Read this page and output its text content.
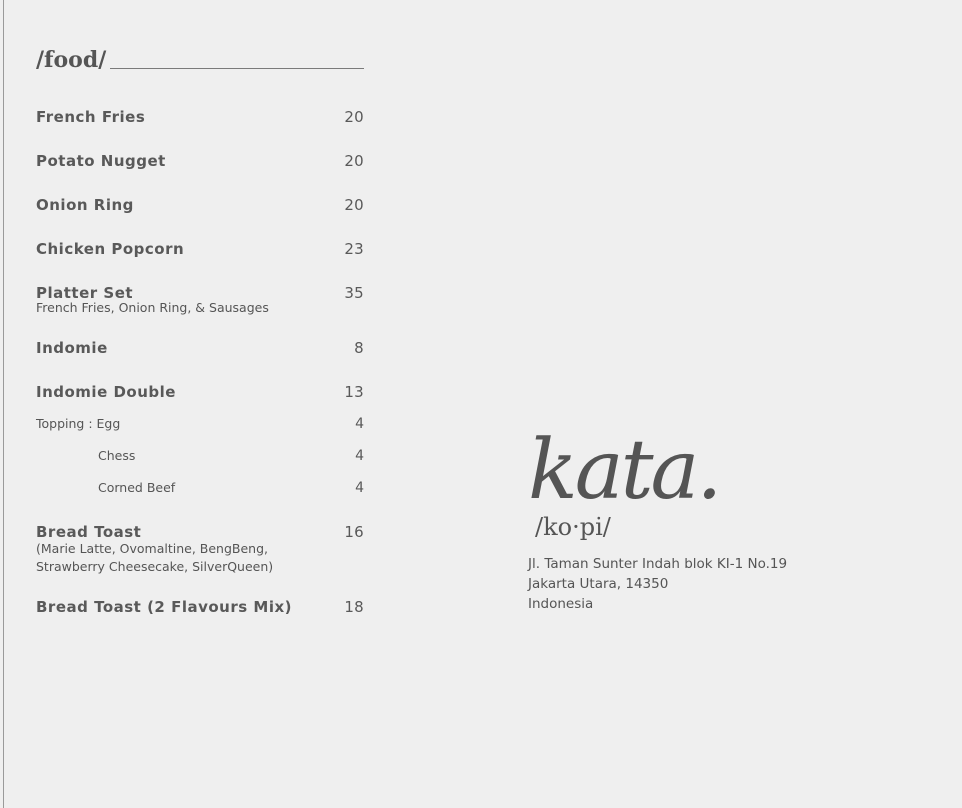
/food/
French Fries	20
Potato Nugget	20
Onion Ring	20
Chicken Popcorn	23
Platter Set	35
French Fries, Onion Ring, & Sausages
Indomie	8
Indomie Double	13
Topping : Egg	4
Chess	4
Corned Beef	4
Bread Toast	16
(Marie Latte, Ovomaltine, BengBeng,
Strawberry Cheesecake, SilverQueen)
Bread Toast (2 Flavours Mix)	18
kata.
/ko·pi/
Jl. Taman Sunter Indah blok KI-1 No.19
Jakarta Utara, 14350
Indonesia
